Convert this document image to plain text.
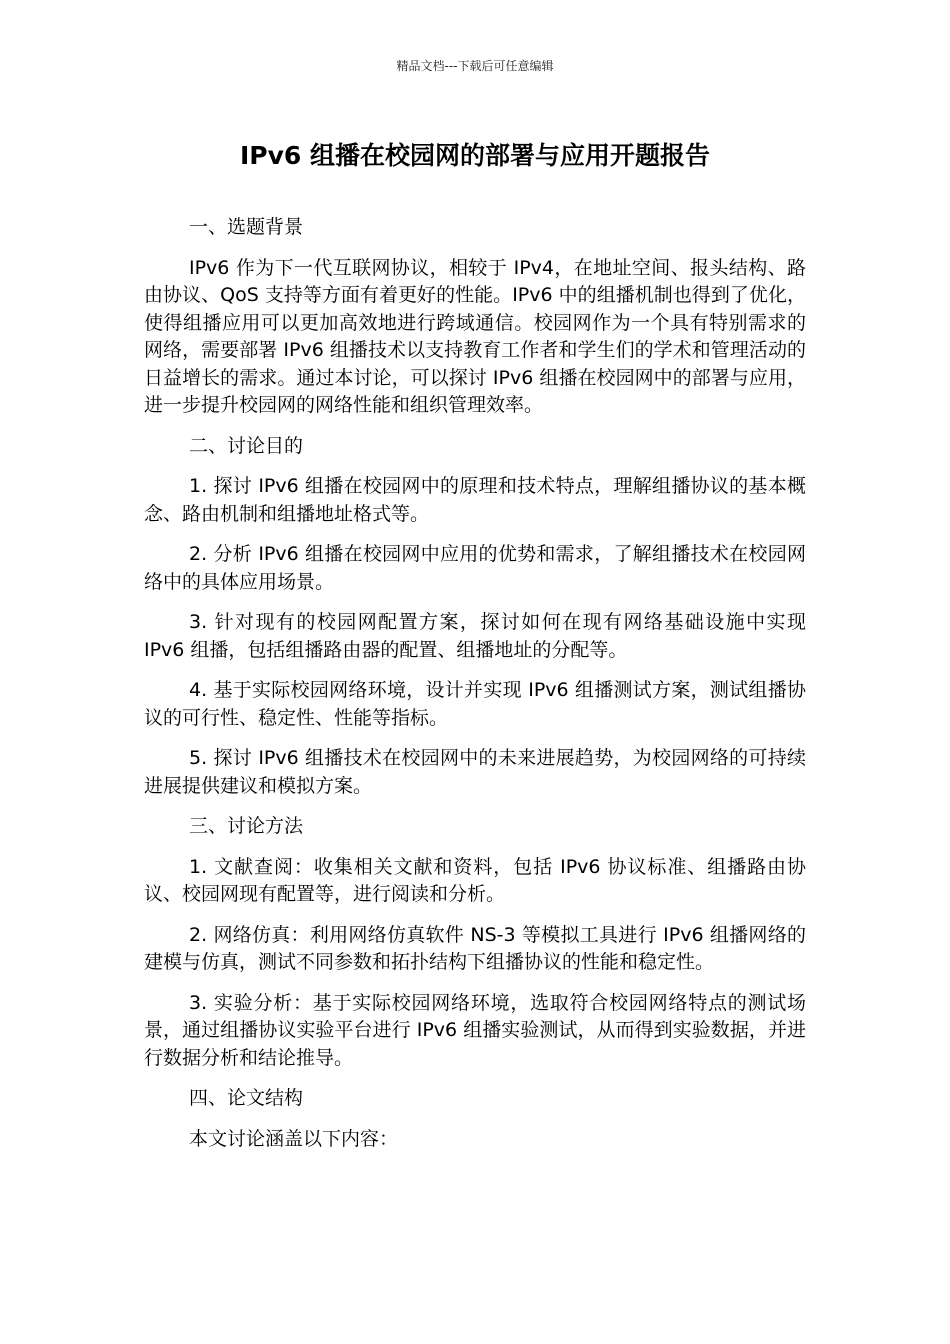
精品文档---下载后可任意编辑
IPv6 组播在校园网的部署与应用开题报告

一、选题背景

IPv6 作为下一代互联网协议，相较于 IPv4，在地址空间、报头结构、路由协议、QoS 支持等方面有着更好的性能。IPv6 中的组播机制也得到了优化，使得组播应用可以更加高效地进行跨域通信。校园网作为一个具有特别需求的网络，需要部署 IPv6 组播技术以支持教育工作者和学生们的学术和管理活动的日益增长的需求。通过本讨论，可以探讨 IPv6 组播在校园网中的部署与应用，进一步提升校园网的网络性能和组织管理效率。

二、讨论目的

1. 探讨 IPv6 组播在校园网中的原理和技术特点，理解组播协议的基本概念、路由机制和组播地址格式等。

2. 分析 IPv6 组播在校园网中应用的优势和需求，了解组播技术在校园网络中的具体应用场景。

3. 针对现有的校园网配置方案，探讨如何在现有网络基础设施中实现 IPv6 组播，包括组播路由器的配置、组播地址的分配等。

4. 基于实际校园网络环境，设计并实现 IPv6 组播测试方案，测试组播协议的可行性、稳定性、性能等指标。

5. 探讨 IPv6 组播技术在校园网中的未来进展趋势，为校园网络的可持续进展提供建议和模拟方案。

三、讨论方法

1. 文献查阅：收集相关文献和资料，包括 IPv6 协议标准、组播路由协议、校园网现有配置等，进行阅读和分析。

2. 网络仿真：利用网络仿真软件 NS-3 等模拟工具进行 IPv6 组播网络的建模与仿真，测试不同参数和拓扑结构下组播协议的性能和稳定性。

3. 实验分析：基于实际校园网络环境，选取符合校园网络特点的测试场景，通过组播协议实验平台进行 IPv6 组播实验测试，从而得到实验数据，并进行数据分析和结论推导。

四、论文结构

本文讨论涵盖以下内容：
